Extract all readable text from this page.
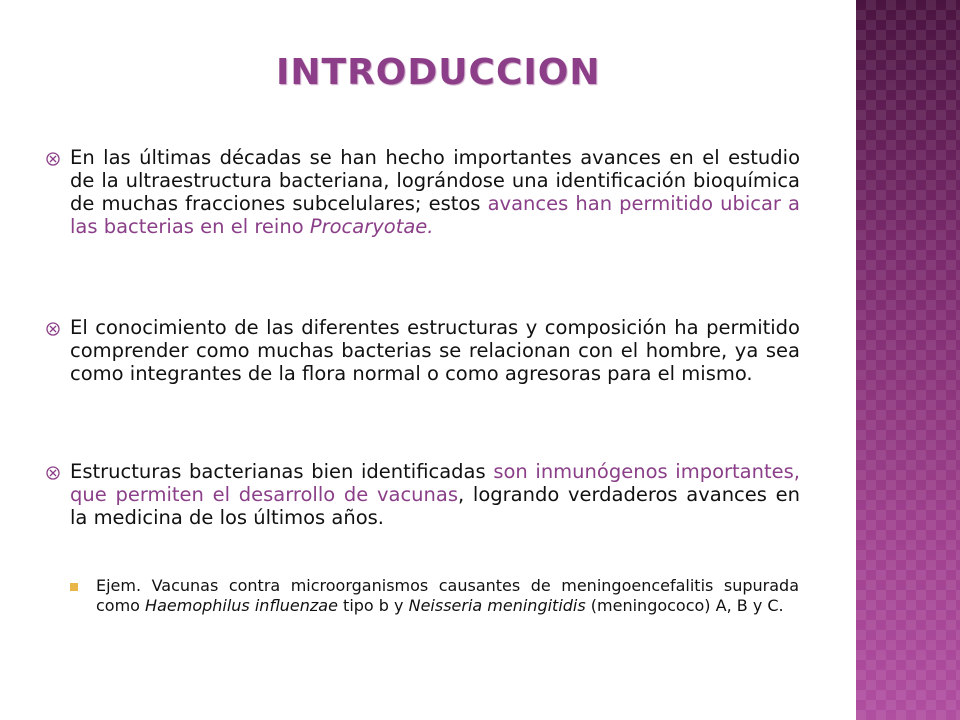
INTRODUCCION
En las últimas décadas se han hecho importantes avances en el estudio de la ultraestructura bacteriana, lográndose una identificación bioquímica de muchas fracciones subcelulares; estos avances han permitido ubicar a las bacterias en el reino Procaryotae.
El conocimiento de las diferentes estructuras y composición ha permitido comprender como muchas bacterias se relacionan con el hombre, ya sea como integrantes de la flora normal o como agresoras para el mismo.
Estructuras bacterianas bien identificadas son inmunógenos importantes, que permiten el desarrollo de vacunas, logrando verdaderos avances en la medicina de los últimos años.
Ejem. Vacunas contra microorganismos causantes de meningoencefalitis supurada como Haemophilus influenzae tipo b y Neisseria meningitidis (meningococo) A, B y C.
